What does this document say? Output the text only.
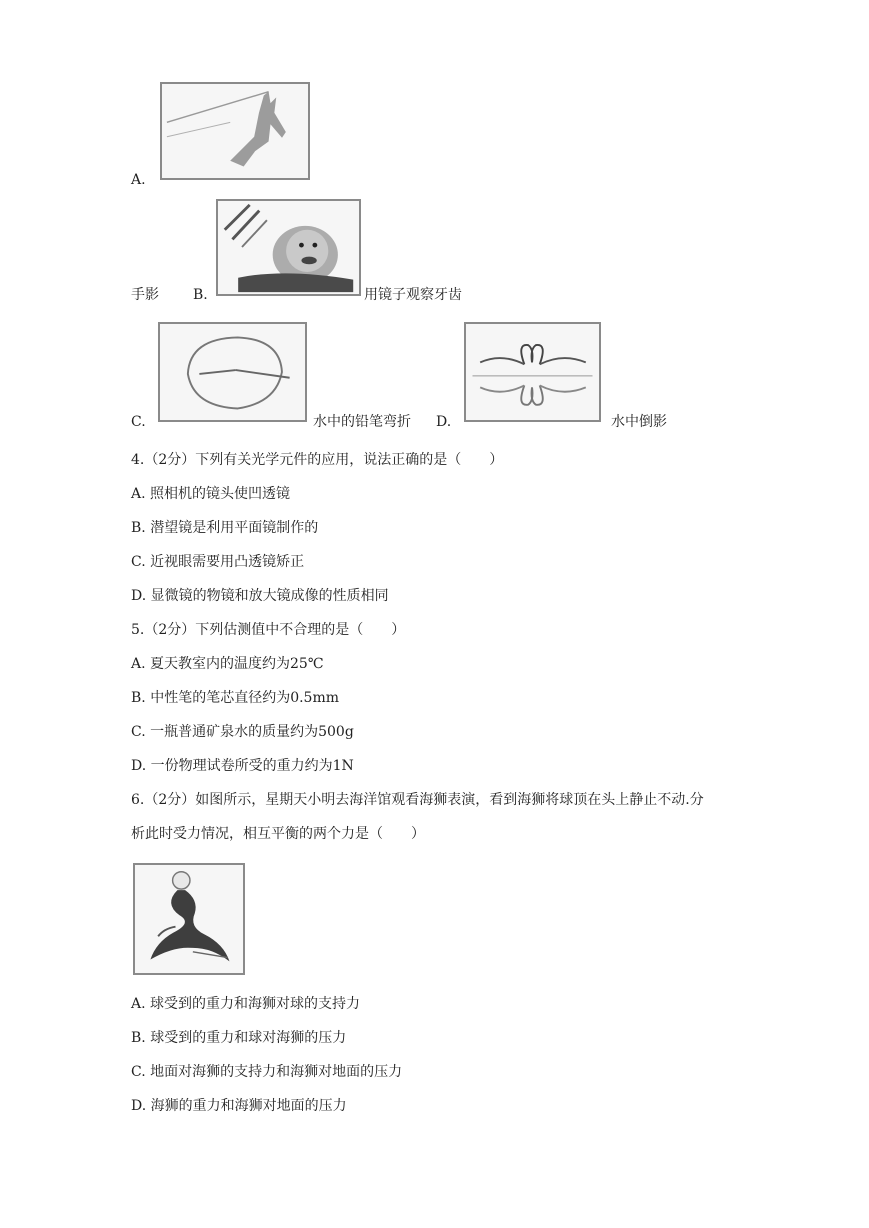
A.
手影 B.	用镜子观察牙齿
C.	水中的铅笔弯折 D.	水中倒影
4.（2分）下列有关光学元件的应用，说法正确的是（　　）
A. 照相机的镜头使凹透镜
B. 潜望镜是利用平面镜制作的
C. 近视眼需要用凸透镜矫正
D. 显微镜的物镜和放大镜成像的性质相同
5.（2分）下列估测值中不合理的是（　　）
A. 夏天教室内的温度约为25℃
B. 中性笔的笔芯直径约为0.5mm
C. 一瓶普通矿泉水的质量约为500g
D. 一份物理试卷所受的重力约为1N
6.（2分）如图所示，星期天小明去海洋馆观看海狮表演，看到海狮将球顶在头上静止不动.分
析此时受力情况，相互平衡的两个力是（　　）
A. 球受到的重力和海狮对球的支持力
B. 球受到的重力和球对海狮的压力
C. 地面对海狮的支持力和海狮对地面的压力
D. 海狮的重力和海狮对地面的压力
